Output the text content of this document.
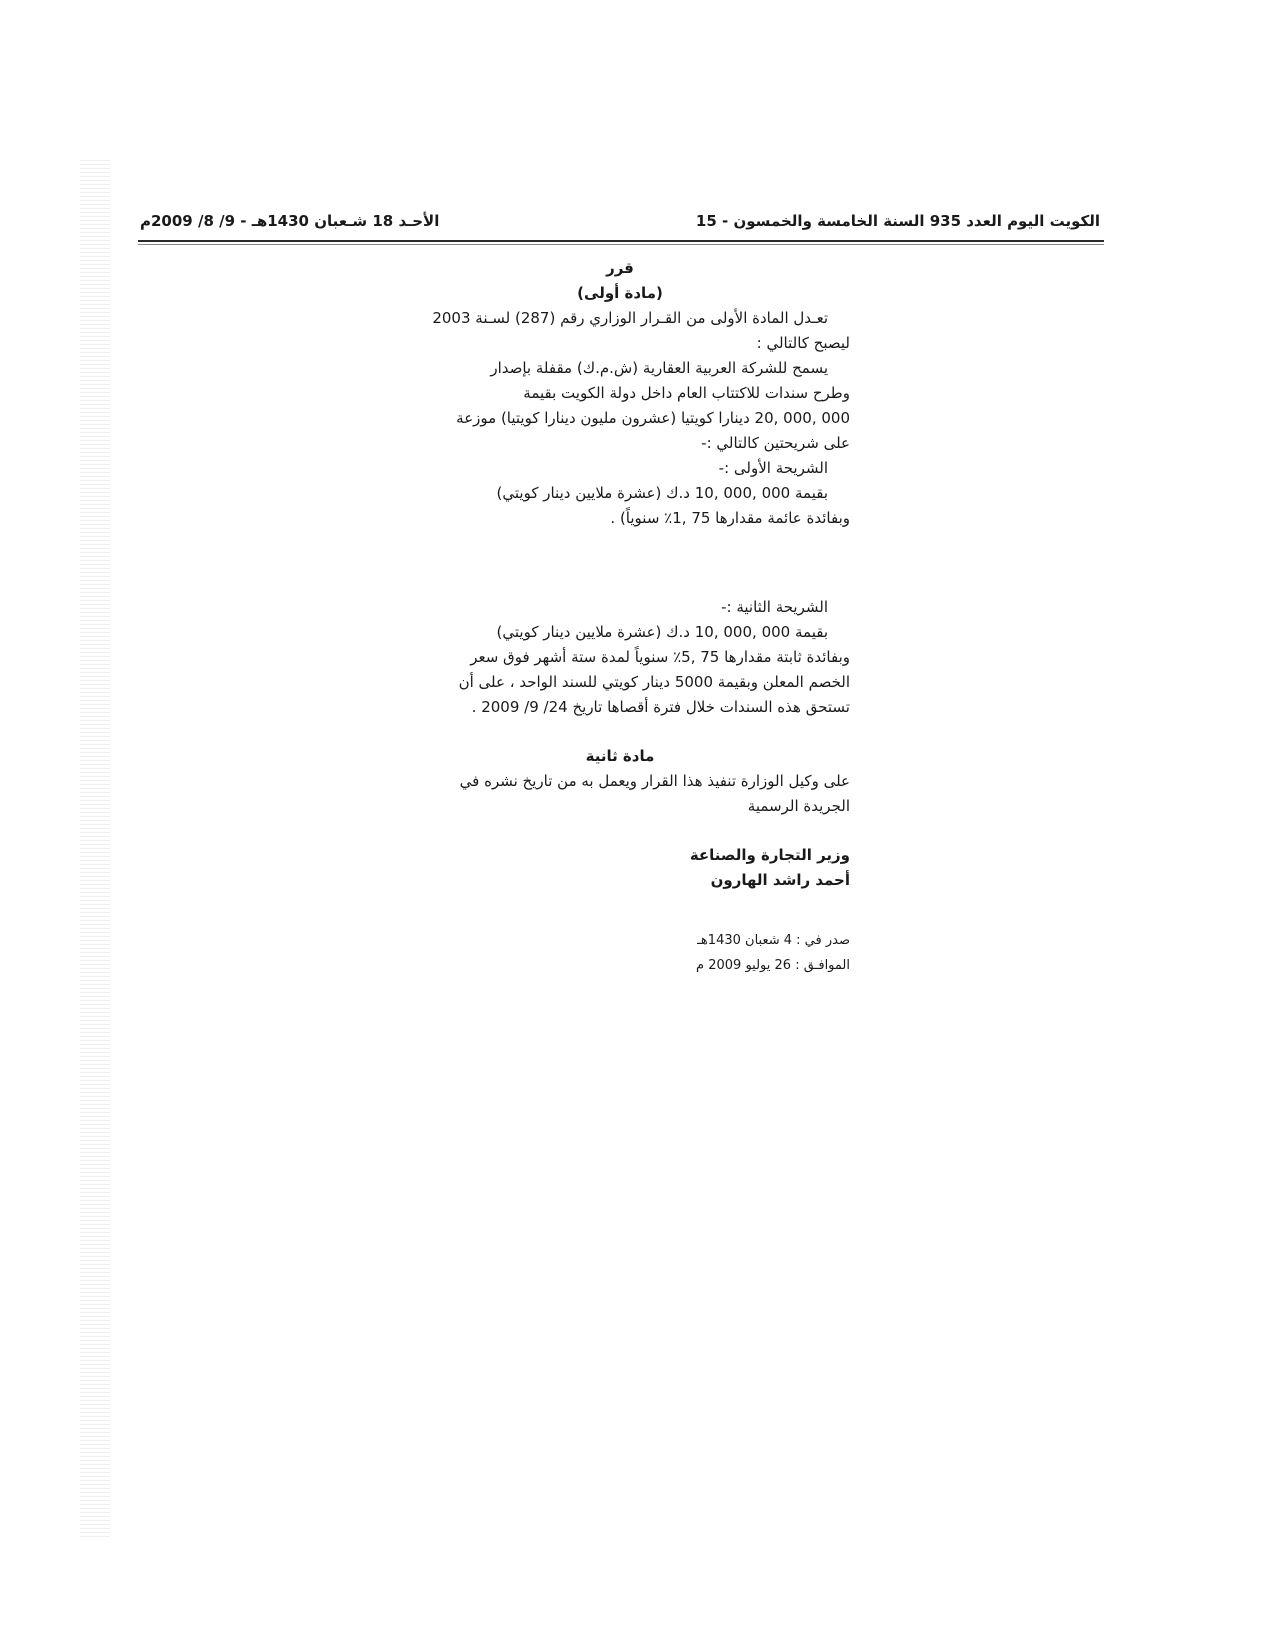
الكويت اليوم العدد 935 السنة الخامسة والخمسون - 15
الأحـد 18 شـعبان 1430هـ - 9/ 8/ 2009م
قرر
(مادة أولى)
تعـدل المادة الأولى من القـرار الوزاري رقم (287) لسـنة 2003
ليصبح كالتالي :
يسمح للشركة العربية العقارية (ش.م.ك) مقفلة بإصدار
وطرح سندات للاكتتاب العام داخل دولة الكويت بقيمة
000 ,000 ,20 دينارا كويتيا (عشرون مليون دينارا كويتيا) موزعة
على شريحتين كالتالي :-
الشريحة الأولى :-
بقيمة 000 ,000 ,10 د.ك (عشرة ملايين دينار كويتي)
وبفائدة عائمة مقدارها 75 ,1٪ سنوياً) .
الشريحة الثانية :-
بقيمة 000 ,000 ,10 د.ك (عشرة ملايين دينار كويتي)
وبفائدة ثابتة مقدارها 75 ,5٪ سنوياً لمدة ستة أشهر فوق سعر
الخصم المعلن وبقيمة 5000 دينار كويتي للسند الواحد ، على أن
تستحق هذه السندات خلال فترة أقصاها تاريخ 24/ 9/ 2009 .
مادة ثانية
على وكيل الوزارة تنفيذ هذا القرار ويعمل به من تاريخ نشره في
الجريدة الرسمية
وزير التجارة والصناعة
أحمد راشد الهارون
صدر في : 4 شعبان 1430هـ
الموافـق : 26 يوليو 2009 م
